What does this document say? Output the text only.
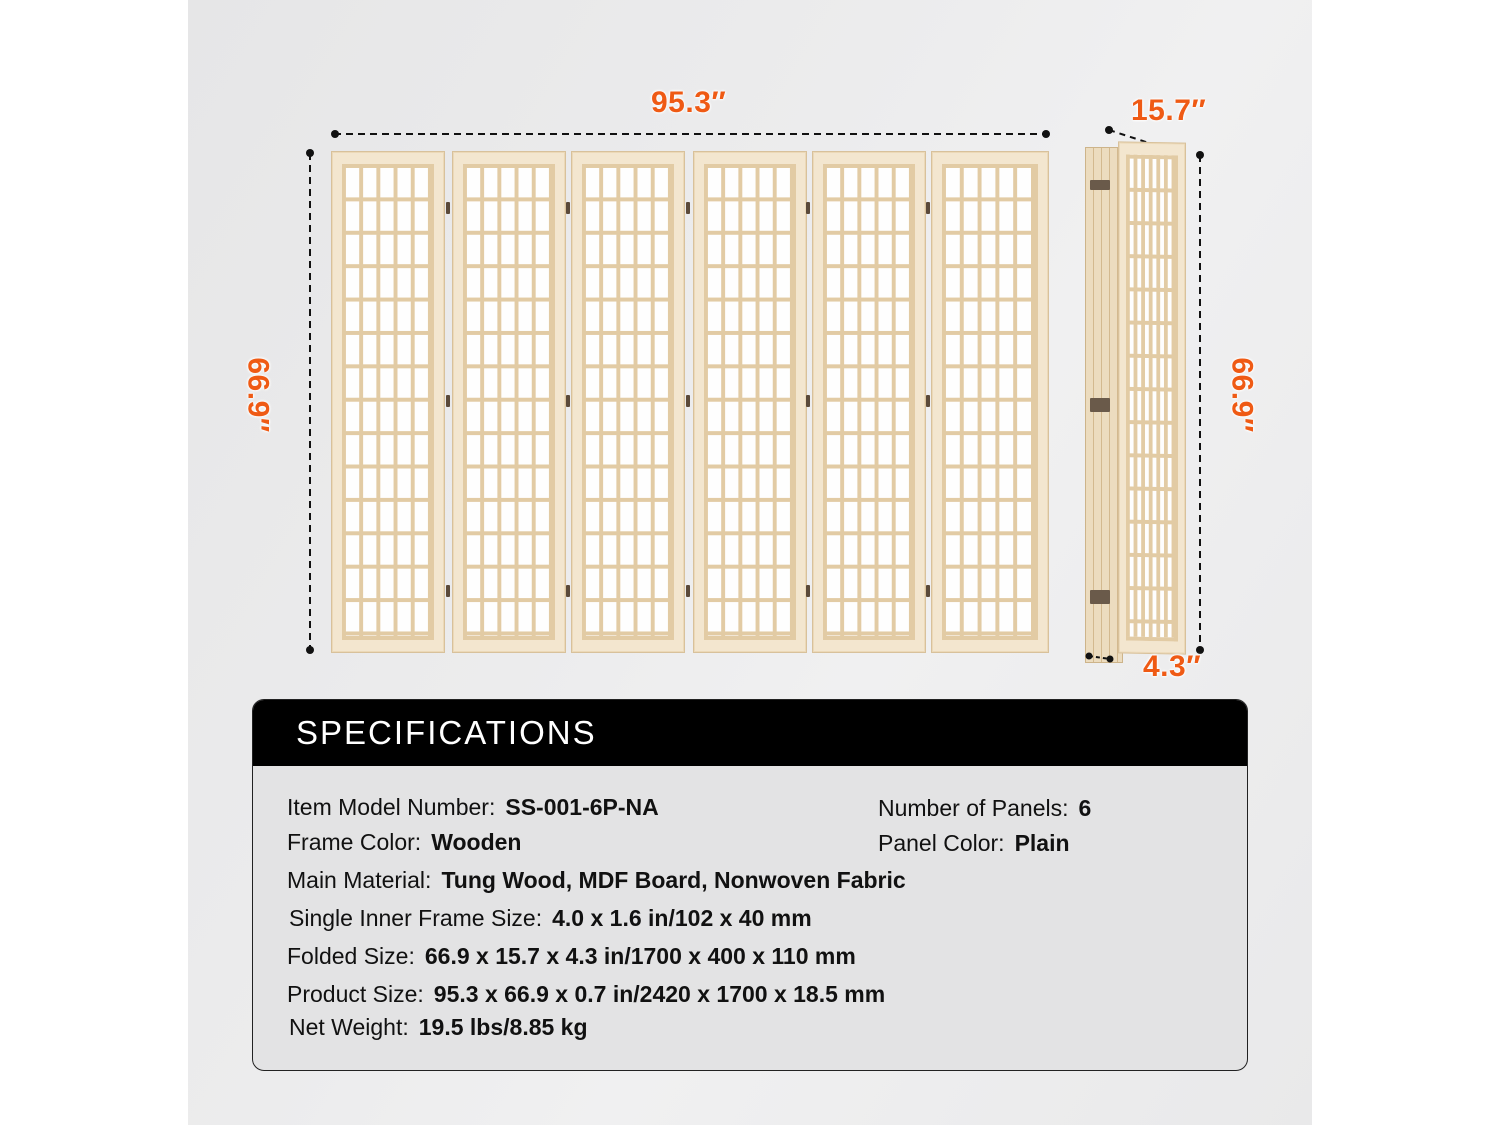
95.3″
66.9″
15.7″
66.9″
4.3″
SPECIFICATIONS
Item Model Number: SS-001-6P-NA	Number of Panels: 6
Frame Color: Wooden	Panel Color: Plain
Main Material: Tung Wood, MDF Board, Nonwoven Fabric
Single Inner Frame Size: 4.0 x 1.6 in/102 x 40 mm
Folded Size: 66.9 x 15.7 x 4.3 in/1700 x 400 x 110 mm
Product Size: 95.3 x 66.9 x 0.7 in/2420 x 1700 x 18.5 mm
Net Weight: 19.5 lbs/8.85 kg
